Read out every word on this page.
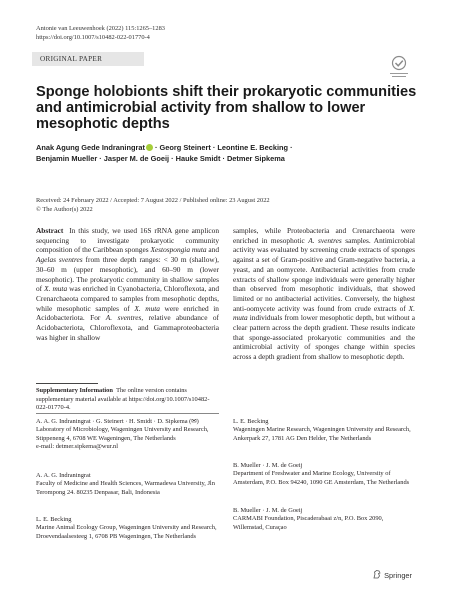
Antonie van Leeuwenhoek (2022) 115:1265–1283
https://doi.org/10.1007/s10482-022-01770-4
ORIGINAL PAPER
Sponge holobionts shift their prokaryotic communities and antimicrobial activity from shallow to lower mesophotic depths
Anak Agung Gede Indraningrat · Georg Steinert · Leontine E. Becking ·
Benjamin Mueller · Jasper M. de Goeij · Hauke Smidt · Detmer Sipkema
Received: 24 February 2022 / Accepted: 7 August 2022 / Published online: 23 August 2022
© The Author(s) 2022
Abstract In this study, we used 16S rRNA gene amplicon sequencing to investigate prokaryotic community composition of the Caribbean sponges Xestospongia muta and Agelas sventres from three depth ranges: < 30 m (shallow), 30–60 m (upper mesophotic), and 60–90 m (lower mesophotic). The prokaryotic community in shallow samples of X. muta was enriched in Cyanobacteria, Chloroflexota, and Crenarchaeota compared to samples from mesophotic depths, while mesophotic samples of X. muta were enriched in Acidobacteriota. For A. sventres, relative abundance of Acidobacteriota, Chloroflexota, and Gammaproteobacteria was higher in shallow
samples, while Proteobacteria and Crenarchaeota were enriched in mesophotic A. sventres samples. Antimicrobial activity was evaluated by screening crude extracts of sponges against a set of Gram-positive and Gram-negative bacteria, a yeast, and an oomycete. Antibacterial activities from crude extracts of shallow sponge individuals were generally higher than observed from mesophotic individuals, that showed limited or no antibacterial activities. Conversely, the highest anti-oomycete activity was found from crude extracts of X. muta individuals from lower mesophotic depth, but without a clear pattern across the depth gradient. These results indicate that sponge-associated prokaryotic communities and the antimicrobial activity of sponges change within species across a depth gradient from shallow to mesophotic depth.
Supplementary Information The online version contains supplementary material available at https://doi.org/10.1007/s10482-022-01770-4.

A. A. G. Indraningrat · G. Steinert · H. Smidt · D. Sipkema (✉)

Laboratory of Microbiology, Wageningen University and Research, Stippeneng 4, 6708 WE Wageningen, The Netherlands

e-mail: detmer.sipkema@wur.nl

A. A. G. Indraningrat

Faculty of Medicine and Health Sciences, Warmadewa University, Jln Terompong 24. 80235 Denpasar, Bali, Indonesia

L. E. Becking

Marine Animal Ecology Group, Wageningen University and Research, Droevendaalsesteeg 1, 6708 PB Wageningen, The Netherlands

L. E. Becking

Wageningen Marine Research, Wageningen University and Research, Ankerpark 27, 1781 AG Den Helder, The Netherlands

B. Mueller · J. M. de Goeij

Department of Freshwater and Marine Ecology, University of Amsterdam, P.O. Box 94240, 1090 GE Amsterdam, The Netherlands

B. Mueller · J. M. de Goeij

CARMABI Foundation, Piscaderabaai z/n, P.O. Box 2090, Willemstad, Curaçao

Springer
